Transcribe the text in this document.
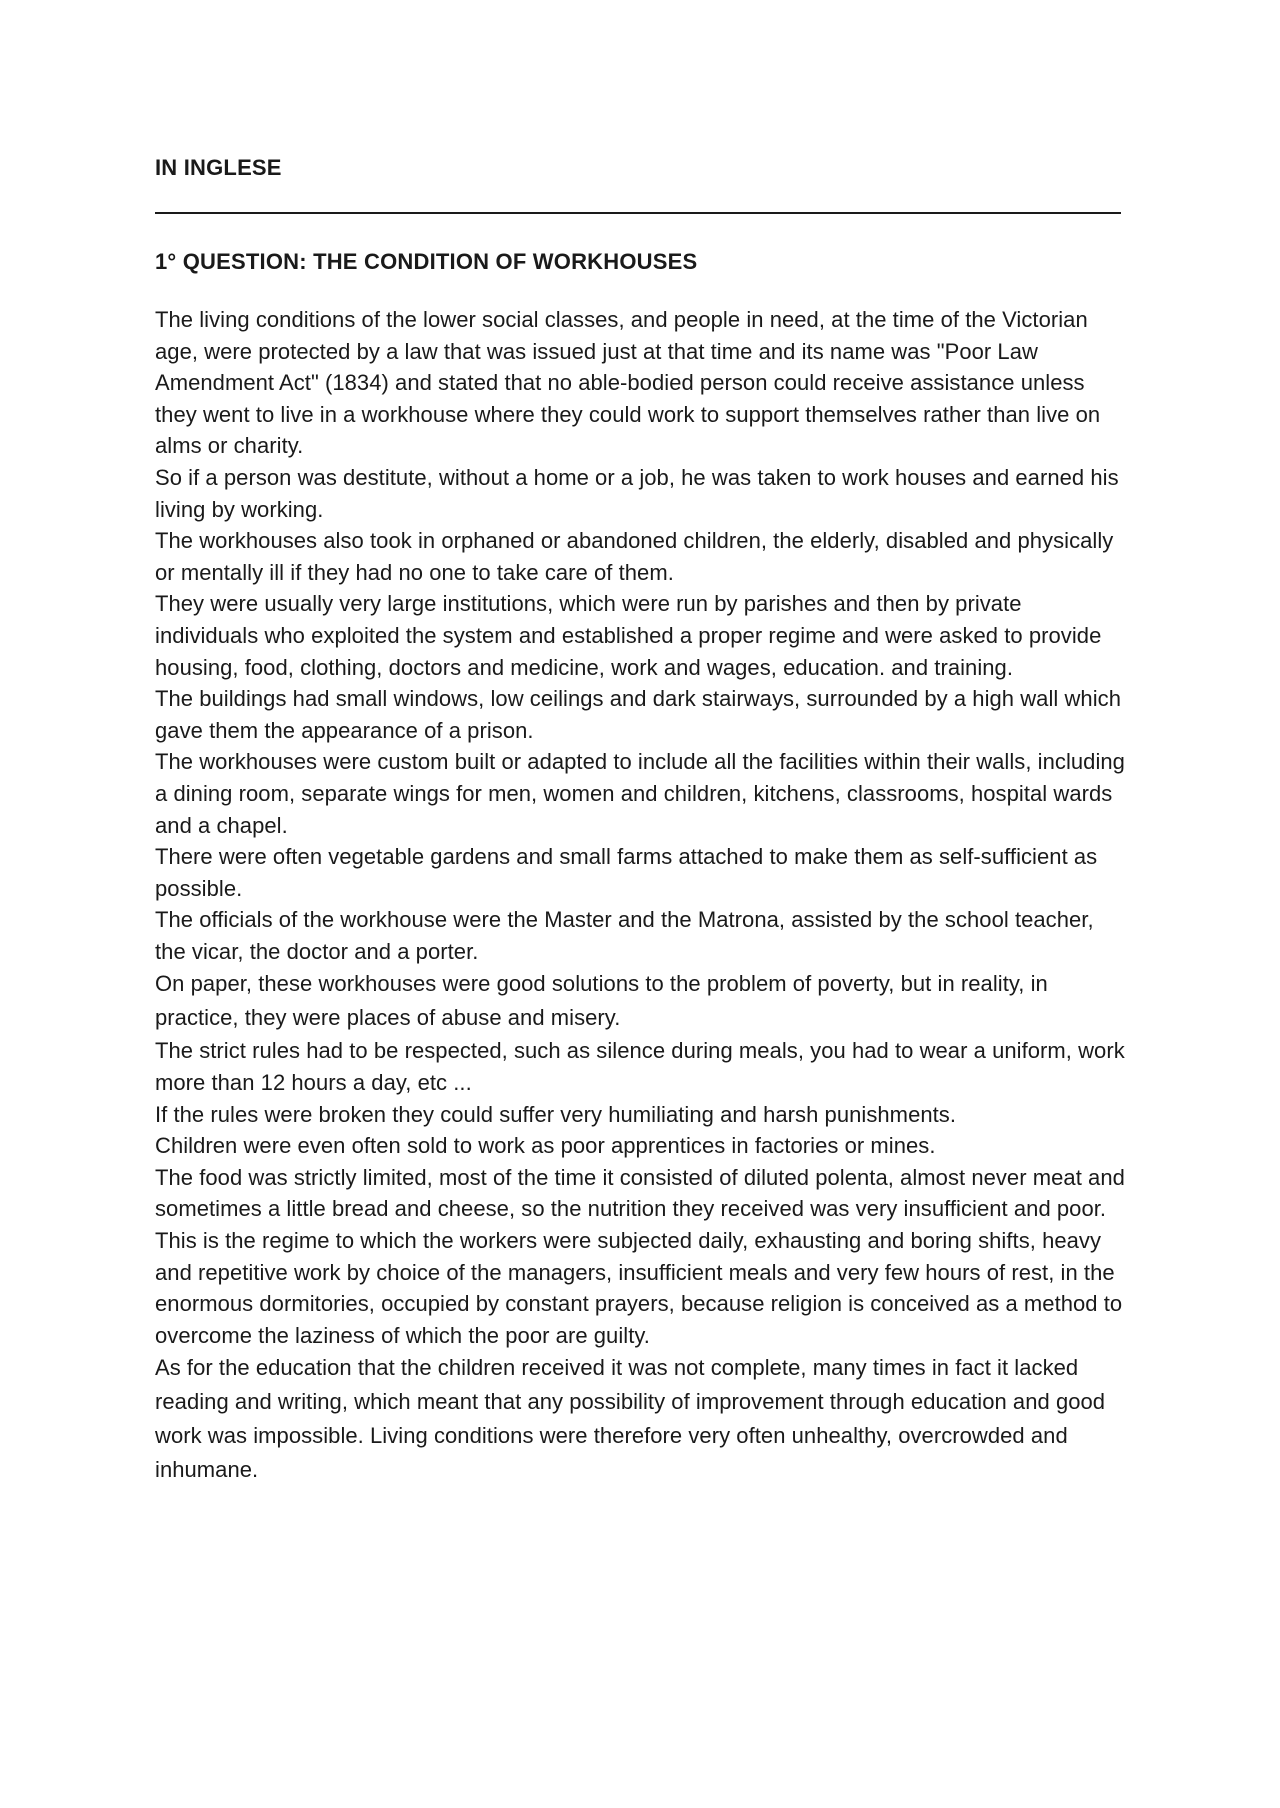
IN INGLESE
1° QUESTION: THE CONDITION OF WORKHOUSES

The living conditions of the lower social classes, and people in need, at the time of the Victorian age, were protected by a law that was issued just at that time and its name was "Poor Law Amendment Act" (1834) and stated that no able-bodied person could receive assistance unless they went to live in a workhouse where they could work to support themselves rather than live on alms or charity.

So if a person was destitute, without a home or a job, he was taken to work houses and earned his living by working.

The workhouses also took in orphaned or abandoned children, the elderly, disabled and physically or mentally ill if they had no one to take care of them.

They were usually very large institutions, which were run by parishes and then by private individuals who exploited the system and established a proper regime and were asked to provide housing, food, clothing, doctors and medicine, work and wages, education. and training.

The buildings had small windows, low ceilings and dark stairways, surrounded by a high wall which gave them the appearance of a prison.

The workhouses were custom built or adapted to include all the facilities within their walls, including a dining room, separate wings for men, women and children, kitchens, classrooms, hospital wards and a chapel.

There were often vegetable gardens and small farms attached to make them as self-sufficient as possible.

The officials of the workhouse were the Master and the Matrona, assisted by the school teacher, the vicar, the doctor and a porter.

On paper, these workhouses were good solutions to the problem of poverty, but in reality, in practice, they were places of abuse and misery.

The strict rules had to be respected, such as silence during meals, you had to wear a uniform, work more than 12 hours a day, etc ...

If the rules were broken they could suffer very humiliating and harsh punishments.

Children were even often sold to work as poor apprentices in factories or mines.

The food was strictly limited, most of the time it consisted of diluted polenta, almost never meat and sometimes a little bread and cheese, so the nutrition they received was very insufficient and poor.

This is the regime to which the workers were subjected daily, exhausting and boring shifts, heavy and repetitive work by choice of the managers, insufficient meals and very few hours of rest, in the enormous dormitories, occupied by constant prayers, because religion is conceived as a method to overcome the laziness of which the poor are guilty.

As for the education that the children received it was not complete, many times in fact it lacked reading and writing, which meant that any possibility of improvement through education and good work was impossible. Living conditions were therefore very often unhealthy, overcrowded and inhumane.
